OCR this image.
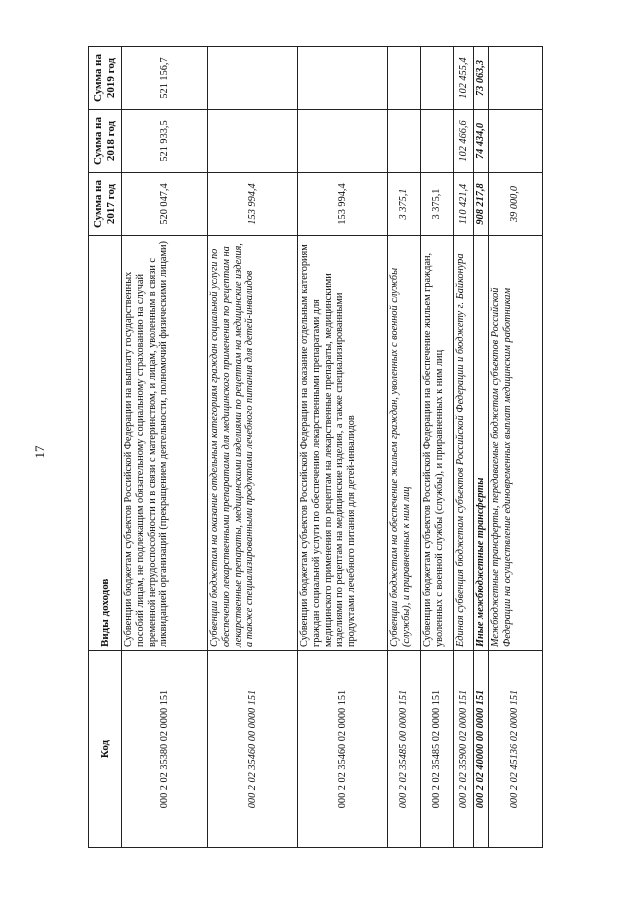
17
Код	Виды доходов	Сумма на 2017 год	Сумма на 2018 год	Сумма на 2019 год
000 2 02 35380 02 0000 151	Субвенции бюджетам субъектов Российской Федерации на выплату государственных пособий лицам, не подлежащим обязательному социальному страхованию на случай временной нетрудоспособности и в связи с материнством, и лицам, уволенным в связи с ликвидацией организаций (прекращением деятельности, полномочий физическими лицами)	520 047,4	521 933,5	521 156,7
000 2 02 35460 00 0000 151	Субвенции бюджетам на оказание отдельным категориям граждан социальной услуги по обеспечению лекарственными препаратами для медицинского применения по рецептам на лекарственные препараты, медицинскими изделиями по рецептам на медицинские изделия, а также специализированными продуктами лечебного питания для детей-инвалидов	153 994,4		
000 2 02 35460 02 0000 151	Субвенции бюджетам субъектов Российской Федерации на оказание отдельным категориям граждан социальной услуги по обеспечению лекарственными препаратами для медицинского применения по рецептам на лекарственные препараты, медицинскими изделиями по рецептам на медицинские изделия, а также специализированными продуктами лечебного питания для детей-инвалидов	153 994,4		
000 2 02 35485 00 0000 151	Субвенции бюджетам на обеспечение жильем граждан, уволенных с военной службы (службы), и приравненных к ним лиц	3 375,1		
000 2 02 35485 02 0000 151	Субвенции бюджетам субъектов Российской Федерации на обеспечение жильем граждан, уволенных с военной службы (службы), и приравненных к ним лиц	3 375,1		
000 2 02 35900 02 0000 151	Единая субвенция бюджетам субъектов Российской Федерации и бюджету г. Байконура	110 421,4	102 466,6	102 455,4
000 2 02 40000 00 0000 151	Иные межбюджетные трансферты	908 217,8	74 434,0	73 063,3
000 2 02 45136 02 0000 151	Межбюджетные трансферты, передаваемые бюджетам субъектов Российской Федерации на осуществление единовременных выплат медицинским работникам	39 000,0		
